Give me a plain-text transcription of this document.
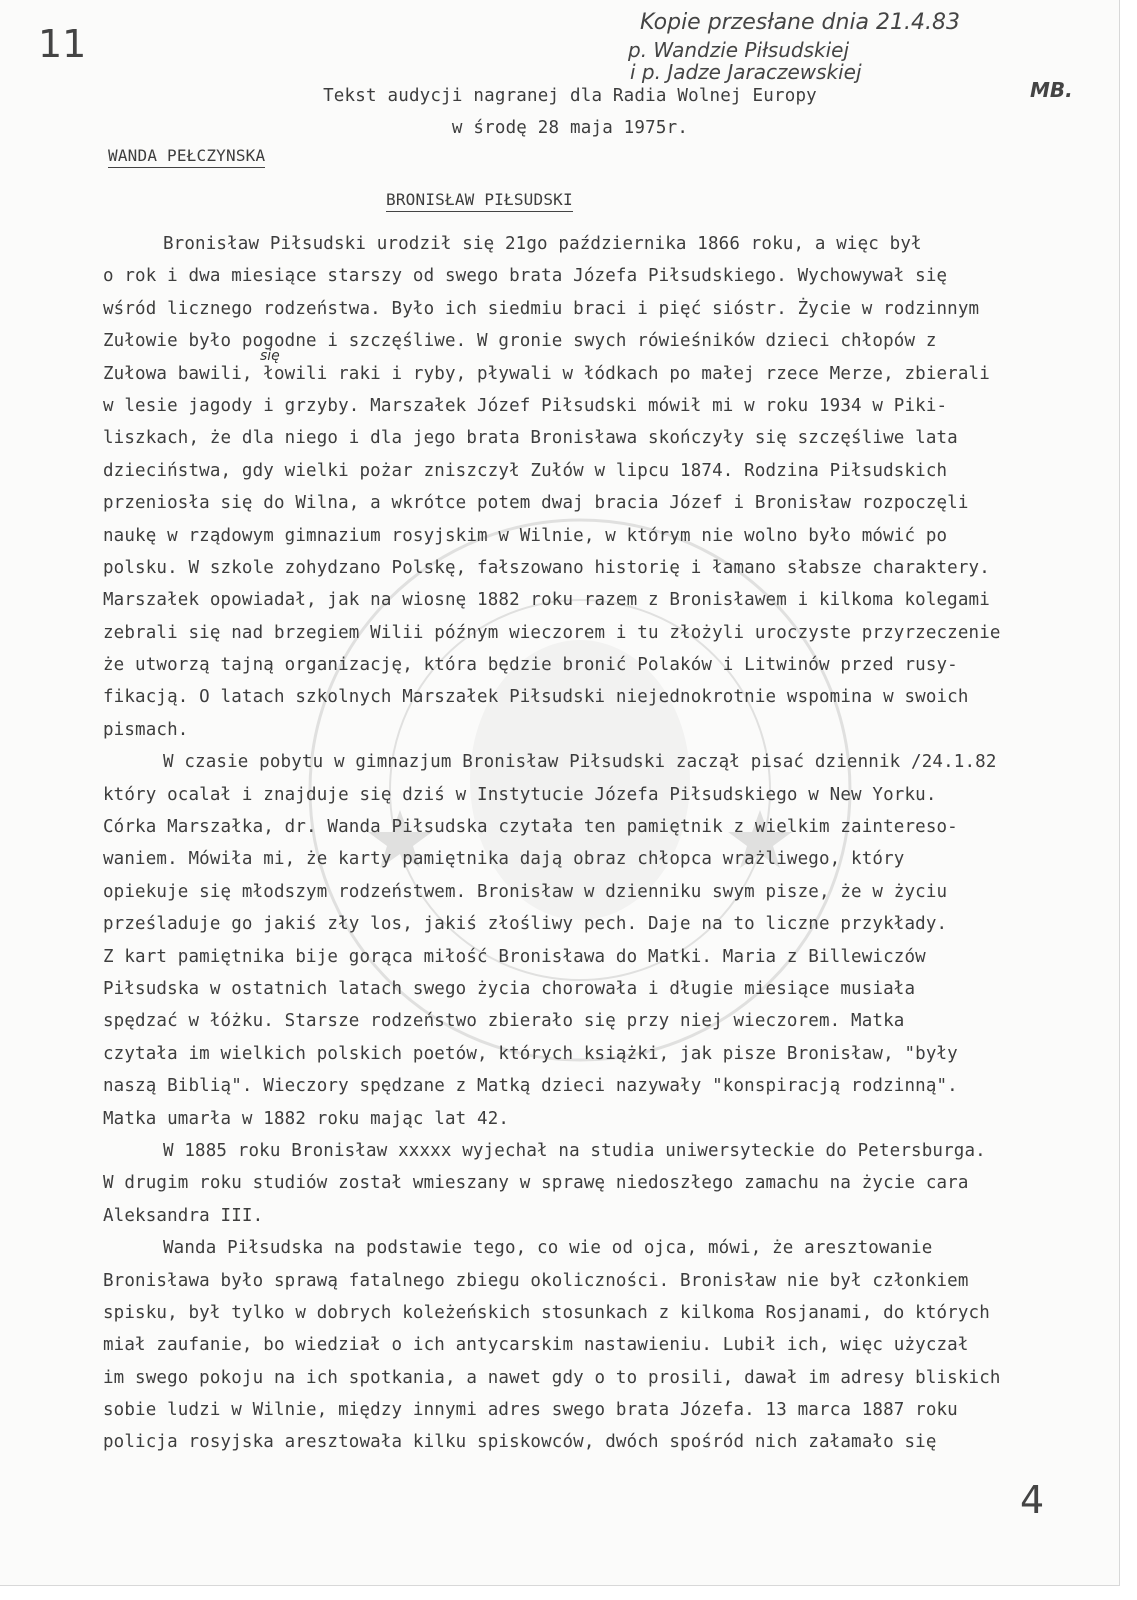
11	Kopie przesłane dnia 21.4.83
p. Wandzie Piłsudskiej
i p. Jadze Jaraczewskiej
MB.
4
się
Tekst audycji nagranej dla Radia Wolnej Europy
w środę 28 maja 1975r.
WANDA PEŁCZYNSKA
BRONISŁAW PIŁSUDSKI
Bronisław Piłsudski urodził się 21go października 1866 roku, a więc był
o rok i dwa miesiące starszy od swego brata Józefa Piłsudskiego. Wychowywał się
wśród licznego rodzeństwa. Było ich siedmiu braci i pięć sióstr. Życie w rodzinnym
Zułowie było pogodne i szczęśliwe. W gronie swych rówieśników dzieci chłopów z
Zułowa bawili, łowili raki i ryby, pływali w łódkach po małej rzece Merze, zbierali
w lesie jagody i grzyby. Marszałek Józef Piłsudski mówił mi w roku 1934 w Piki-
liszkach, że dla niego i dla jego brata Bronisława skończyły się szczęśliwe lata
dzieciństwa, gdy wielki pożar zniszczył Zułów w lipcu 1874. Rodzina Piłsudskich
przeniosła się do Wilna, a wkrótce potem dwaj bracia Józef i Bronisław rozpoczęli
naukę w rządowym gimnazium rosyjskim w Wilnie, w którym nie wolno było mówić po
polsku. W szkole zohydzano Polskę, fałszowano historię i łamano słabsze charaktery.
Marszałek opowiadał, jak na wiosnę 1882 roku razem z Bronisławem i kilkoma kolegami
zebrali się nad brzegiem Wilii późnym wieczorem i tu złożyli uroczyste przyrzeczenie
że utworzą tajną organizację, która będzie bronić Polaków i Litwinów przed rusy-
fikacją. O latach szkolnych Marszałek Piłsudski niejednokrotnie wspomina w swoich
pismach.
W czasie pobytu w gimnazjum Bronisław Piłsudski zaczął pisać dziennik /24.1.82
który ocalał i znajduje się dziś w Instytucie Józefa Piłsudskiego w New Yorku.
Córka Marszałka, dr. Wanda Piłsudska czytała ten pamiętnik z wielkim zainteresо-
waniem. Mówiła mi, że karty pamiętnika dają obraz chłopca wrażliwego, który
opiekuje się młodszym rodzeństwem. Bronisław w dzienniku swym pisze, że w życiu
prześladuje go jakiś zły los, jakiś złośliwy pech. Daje na to liczne przykłady.
Z kart pamiętnika bije gorąca miłość Bronisława do Matki. Maria z Billewiczów
Piłsudska w ostatnich latach swego życia chorowała i długie miesiące musiała
spędzać w łóżku. Starsze rodzeństwo zbierało się przy niej wieczorem. Matka
czytała im wielkich polskich poetów, których książki, jak pisze Bronisław, "były
naszą Biblią". Wieczory spędzane z Matką dzieci nazywały "konspiracją rodzinną".
Matka umarła w 1882 roku mając lat 42.
W 1885 roku Bronisław xxxxx wyjechał na studia uniwersyteckie do Petersburga.
W drugim roku studiów został wmieszany w sprawę niedoszłego zamachu na życie cara
Aleksandra III.
Wanda Piłsudska na podstawie tego, co wie od ojca, mówi, że aresztowanie
Bronisława było sprawą fatalnego zbiegu okoliczności. Bronisław nie był członkiem
spisku, był tylko w dobrych koleżeńskich stosunkach z kilkoma Rosjanami, do których
miał zaufanie, bo wiedział o ich antycarskim nastawieniu. Lubił ich, więc użyczał
im swego pokoju na ich spotkania, a nawet gdy o to prosili, dawał im adresy bliskich
sobie ludzi w Wilnie, między innymi adres swego brata Józefa. 13 marca 1887 roku
policja rosyjska aresztowała kilku spiskowców, dwóch spośród nich załamało się
